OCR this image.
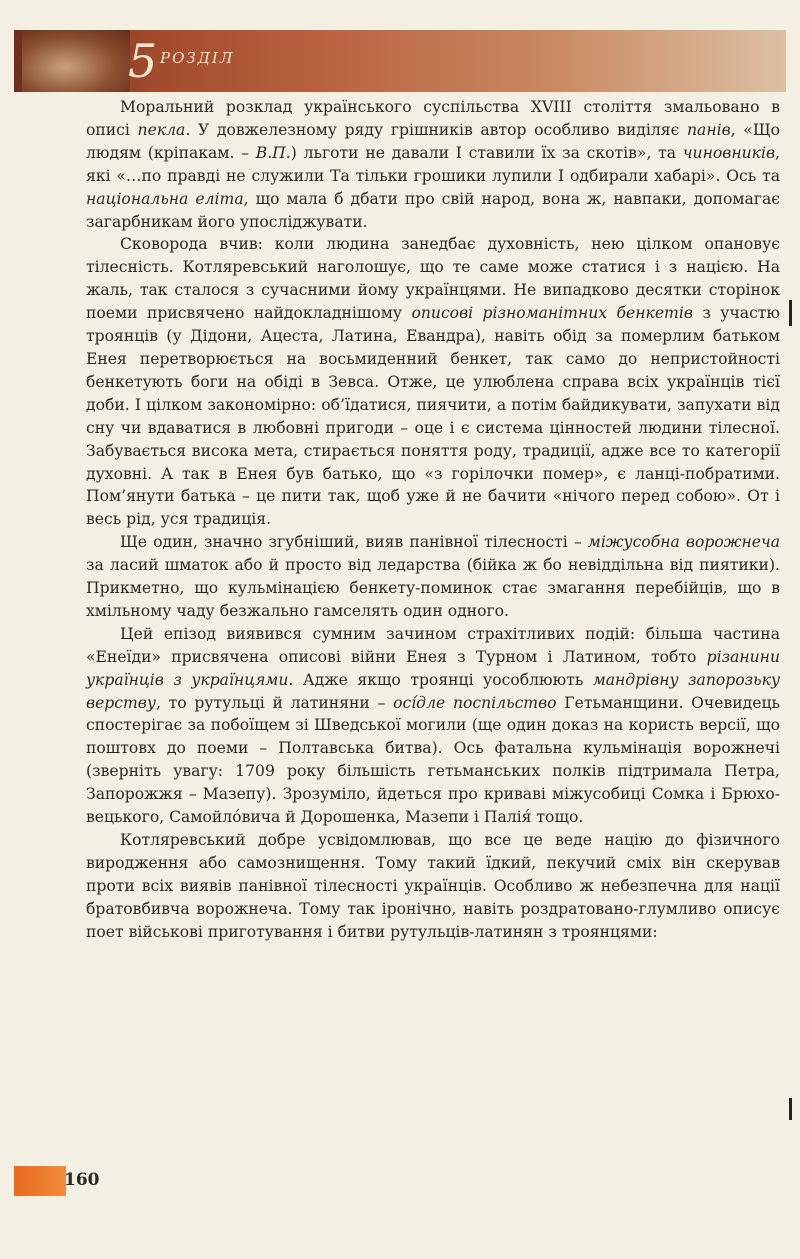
5 РОЗДІЛ

Моральний розклад українського суспільства XVIII століття змальовано в описі пекла. У довжелезному ряду грішників автор особливо виділяє панів, «Що людям (кріпакам. – В.П.) льготи не давали І ставили їх за скотів», та чиновників, які «…по правді не служили Та тільки грошики лупили І одбирали хабарі». Ось та національна еліта, що мала б дбати про свій народ, вона ж, навпаки, допомагає загарбникам його упосліджувати.

Сковорода вчив: коли людина занедбає духовність, нею цілком опановує тілесність. Котляревський наголошує, що те саме може статися і з нацією. На жаль, так сталося з сучасними йому українцями. Не випадково десятки сторінок поеми присвячено найдокладнішому описові різноманітних бенкетів з участю троянців (у Дідони, Ацеста, Латина, Евандра), навіть обід за померлим батьком Енея перетворюється на восьмиденний бенкет, так само до непристойності бенкетують боги на обіді в Зевса. Отже, це улюблена справа всіх українців тієї доби. І цілком закономірно: об’їдатися, пиячити, а потім байдикувати, запухати від сну чи вдаватися в любовні пригоди – оце і є система цінностей людини тілесної. Забувається висока мета, стирається поняття роду, традиції, адже все то категорії духовні. А так в Енея був батько, що «з горілочки помер», є ланці-побратими. Пом’янути батька – це пити так, щоб уже й не бачити «нічого перед собою». От і весь рід, уся традиція.

Ще один, значно згубніший, вияв панівної тілесності – міжусобна ворожнеча за ласий шматок або й просто від ледарства (бійка ж бо невіддільна від пиятики). Прикметно, що кульмінацією бенкету-поминок стає змагання перебійців, що в хмільному чаду безжально гамселять один одного.

Цей епізод виявився сумним зачином страхітливих подій: більша частина «Енеїди» присвячена описові війни Енея з Турном і Латином, тобто різанини українців з українцями. Адже якщо троянці уособлюють мандрівну запорозьку верству, то рутульці й латиняни – осíдле поспільство Гетьманщини. Очевидець спостерігає за побоїщем зі Шведської могили (ще один доказ на користь версії, що поштовх до поеми – Полтавська битва). Ось фатальна кульмінація ворожнечі (зверніть увагу: 1709 року більшість гетьманських полків підтримала Петра, Запорожжя – Мазепу). Зрозуміло, йдеться про криваві міжусобиці Сомка і Брюховецького, Самойлóвича й Дорошенка, Мазепи і Палія́ тощо.

Котляревський добре усвідомлював, що все це веде націю до фізичного виродження або самознищення. Тому такий їдкий, пекучий сміх він скерував проти всіх виявів панівної тілесності українців. Особливо ж небезпечна для нації братовбивча ворожнеча. Тому так іронічно, навіть роздратовано-глумливо описує поет військові приготування і битви рутульців-латинян з троянцями:

160
